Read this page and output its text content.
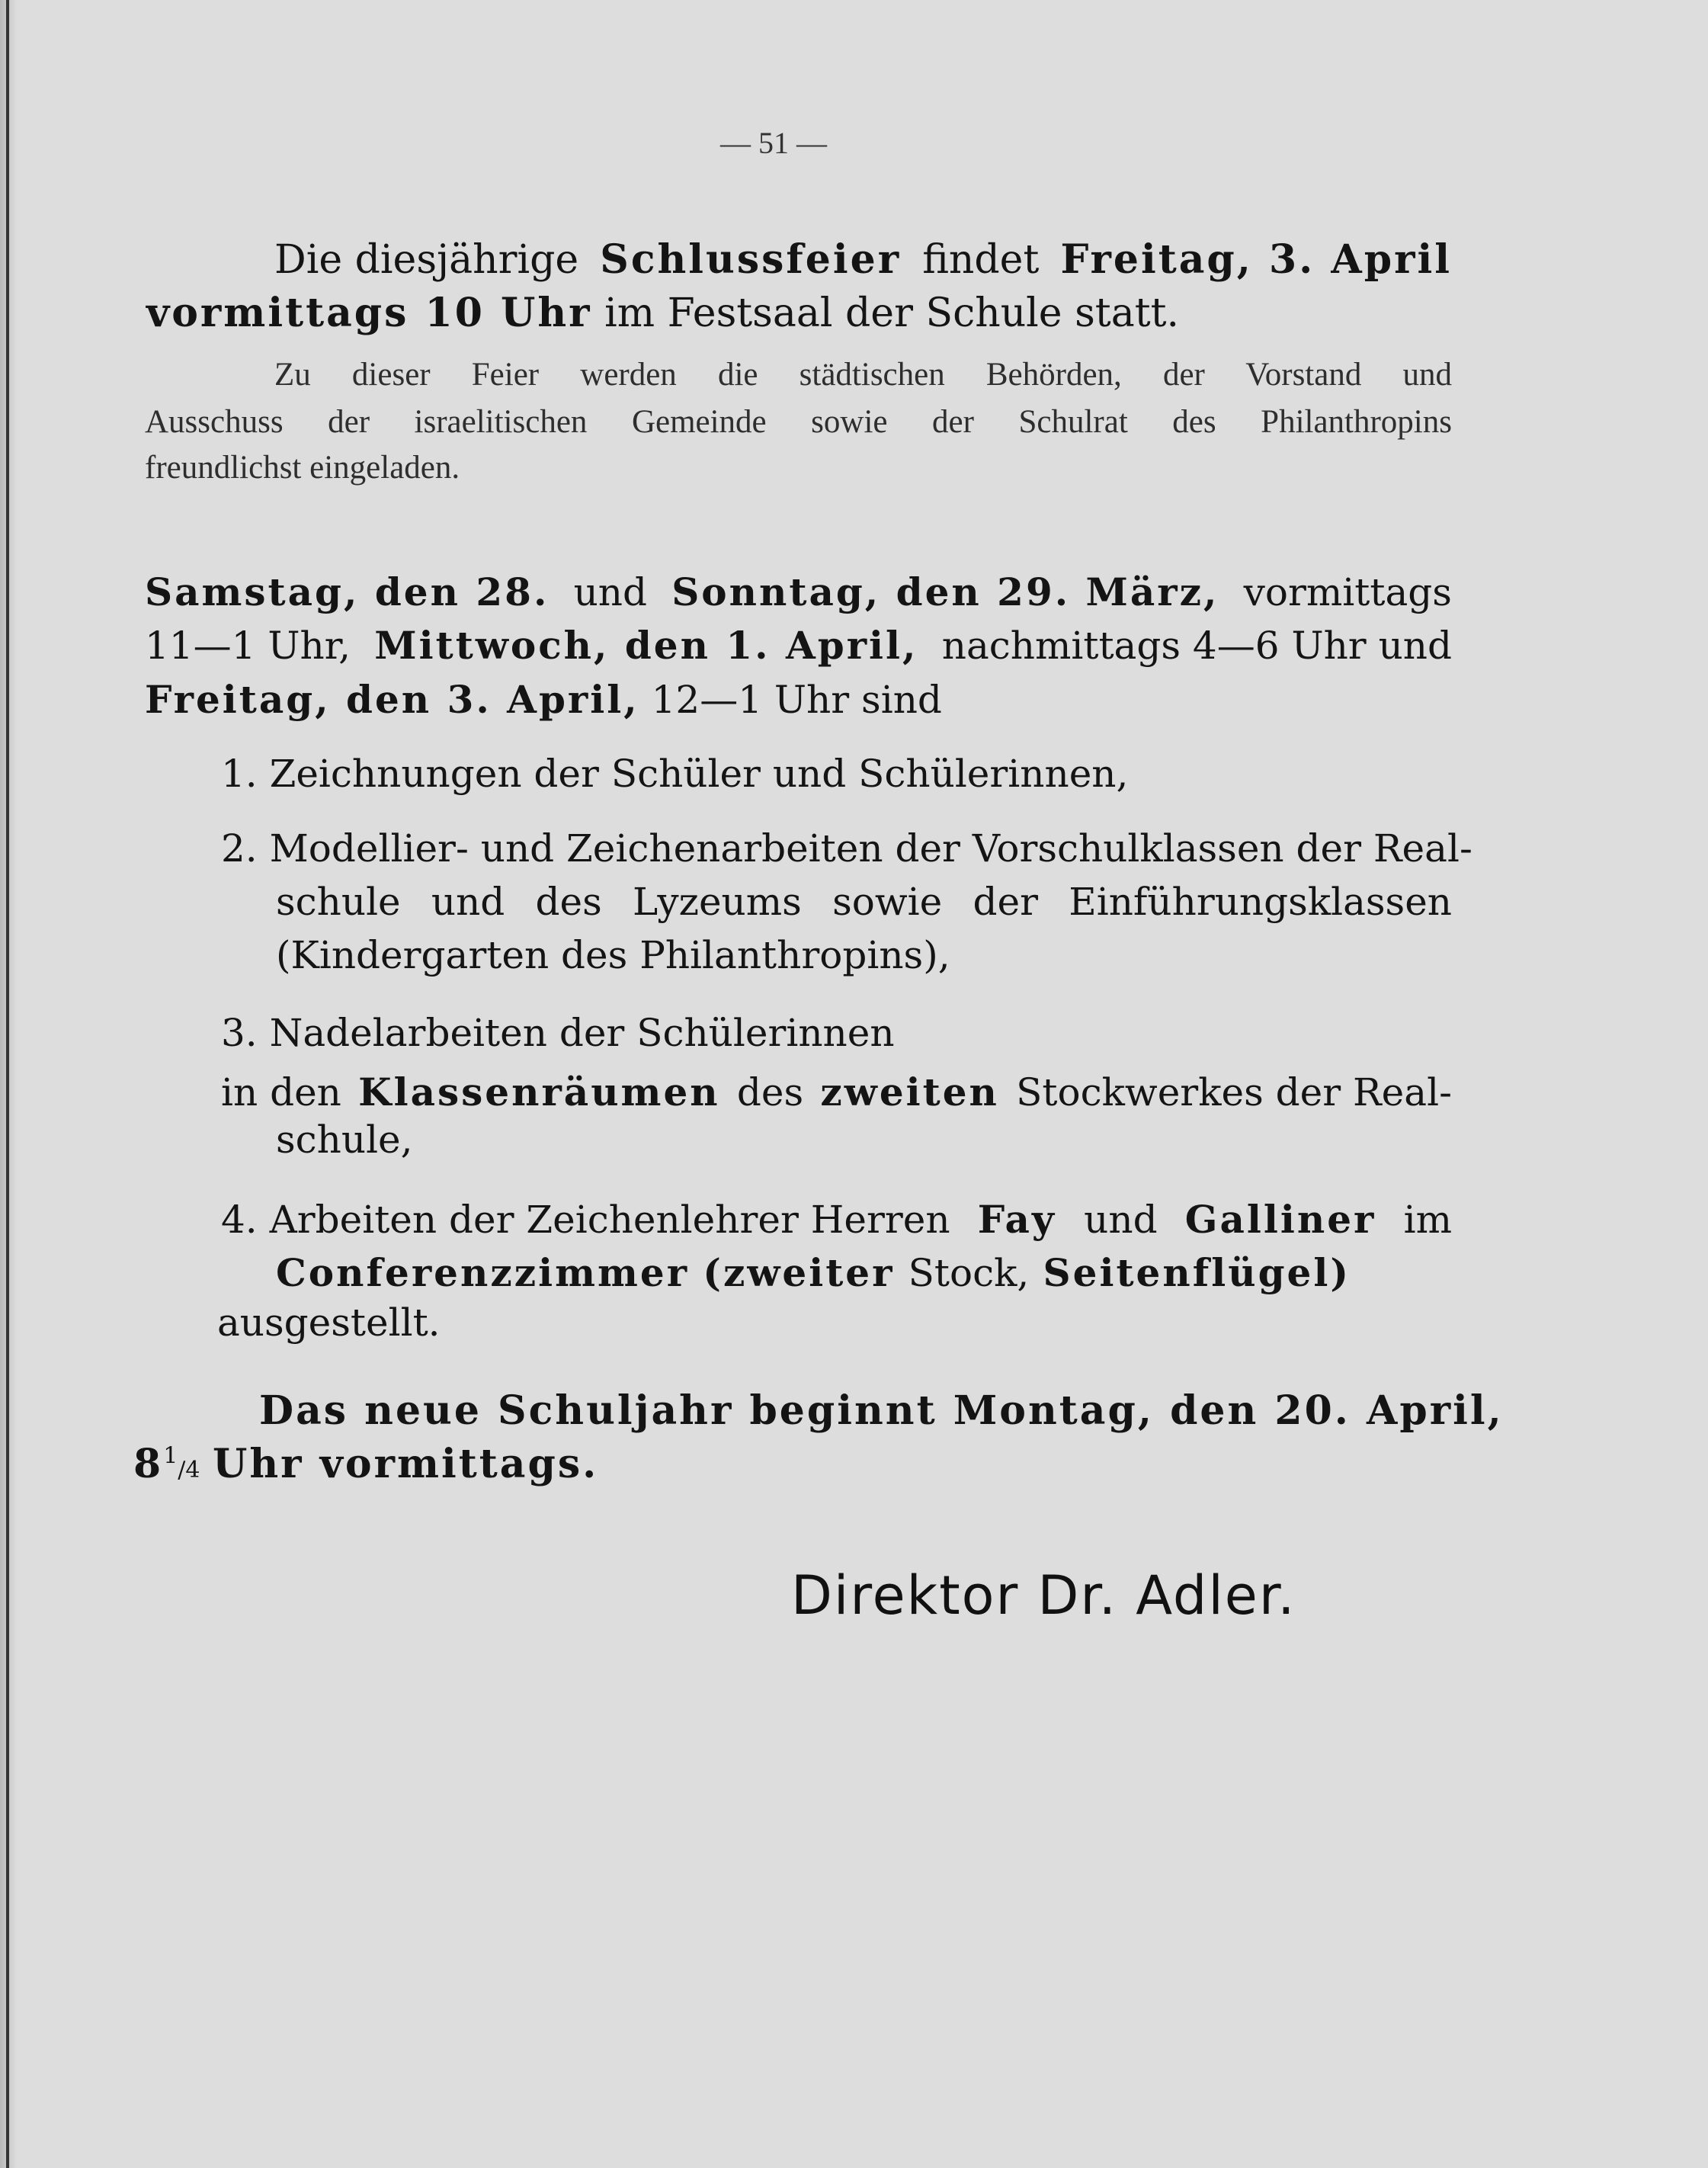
— 51 —
Die diesjährige Schlussfeier findet Freitag, 3. April
vormittags 10 Uhr im Festsaal der Schule statt.
Zu dieser Feier werden die städtischen Behörden, der Vorstand und
Ausschuss der israelitischen Gemeinde sowie der Schulrat des Philanthropins
freundlichst eingeladen.
Samstag, den 28. und Sonntag, den 29. März, vormittags
11—1 Uhr, Mittwoch, den 1. April, nachmittags 4—6 Uhr und
Freitag, den 3. April, 12—1 Uhr sind
1. Zeichnungen der Schüler und Schülerinnen,
2. Modellier- und Zeichenarbeiten der Vorschulklassen der Real-
schule und des Lyzeums sowie der Einführungsklassen
(Kindergarten des Philanthropins),
3. Nadelarbeiten der Schülerinnen
in den Klassenräumen des zweiten Stockwerkes der Real-
schule,
4. Arbeiten der Zeichenlehrer Herren Fay und Galliner im
Conferenzzimmer (zweiter Stock, Seitenflügel)
ausgestellt.
Das neue Schuljahr beginnt Montag, den 20. April,
$8^1/4$ Uhr vormittags.
Direktor Dr. Adler.
